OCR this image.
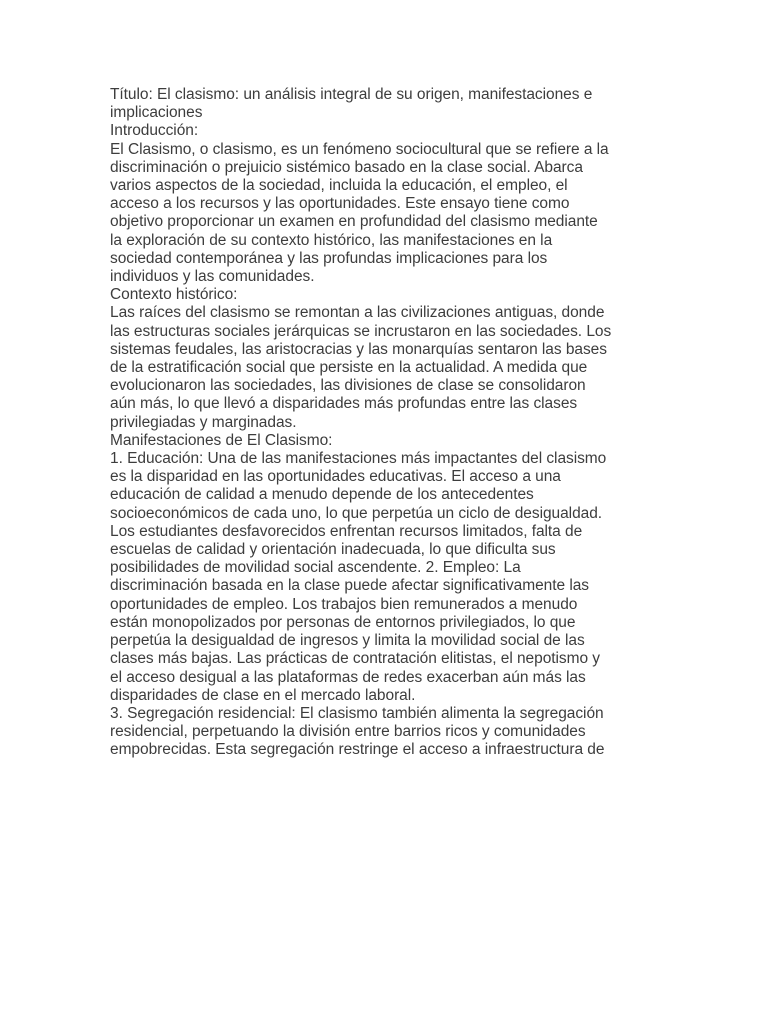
Título: El clasismo: un análisis integral de su origen, manifestaciones e
implicaciones

Introducción:

El Clasismo, o clasismo, es un fenómeno sociocultural que se refiere a la
discriminación o prejuicio sistémico basado en la clase social. Abarca
varios aspectos de la sociedad, incluida la educación, el empleo, el
acceso a los recursos y las oportunidades. Este ensayo tiene como
objetivo proporcionar un examen en profundidad del clasismo mediante
la exploración de su contexto histórico, las manifestaciones en la
sociedad contemporánea y las profundas implicaciones para los
individuos y las comunidades.

Contexto histórico:

Las raíces del clasismo se remontan a las civilizaciones antiguas, donde
las estructuras sociales jerárquicas se incrustaron en las sociedades. Los
sistemas feudales, las aristocracias y las monarquías sentaron las bases
de la estratificación social que persiste en la actualidad. A medida que
evolucionaron las sociedades, las divisiones de clase se consolidaron
aún más, lo que llevó a disparidades más profundas entre las clases
privilegiadas y marginadas.

Manifestaciones de El Clasismo:

1. Educación: Una de las manifestaciones más impactantes del clasismo
es la disparidad en las oportunidades educativas. El acceso a una
educación de calidad a menudo depende de los antecedentes
socioeconómicos de cada uno, lo que perpetúa un ciclo de desigualdad.
Los estudiantes desfavorecidos enfrentan recursos limitados, falta de
escuelas de calidad y orientación inadecuada, lo que dificulta sus
posibilidades de movilidad social ascendente. 2. Empleo: La
discriminación basada en la clase puede afectar significativamente las
oportunidades de empleo. Los trabajos bien remunerados a menudo
están monopolizados por personas de entornos privilegiados, lo que
perpetúa la desigualdad de ingresos y limita la movilidad social de las
clases más bajas. Las prácticas de contratación elitistas, el nepotismo y
el acceso desigual a las plataformas de redes exacerban aún más las
disparidades de clase en el mercado laboral.

3. Segregación residencial: El clasismo también alimenta la segregación
residencial, perpetuando la división entre barrios ricos y comunidades
empobrecidas. Esta segregación restringe el acceso a infraestructura de
